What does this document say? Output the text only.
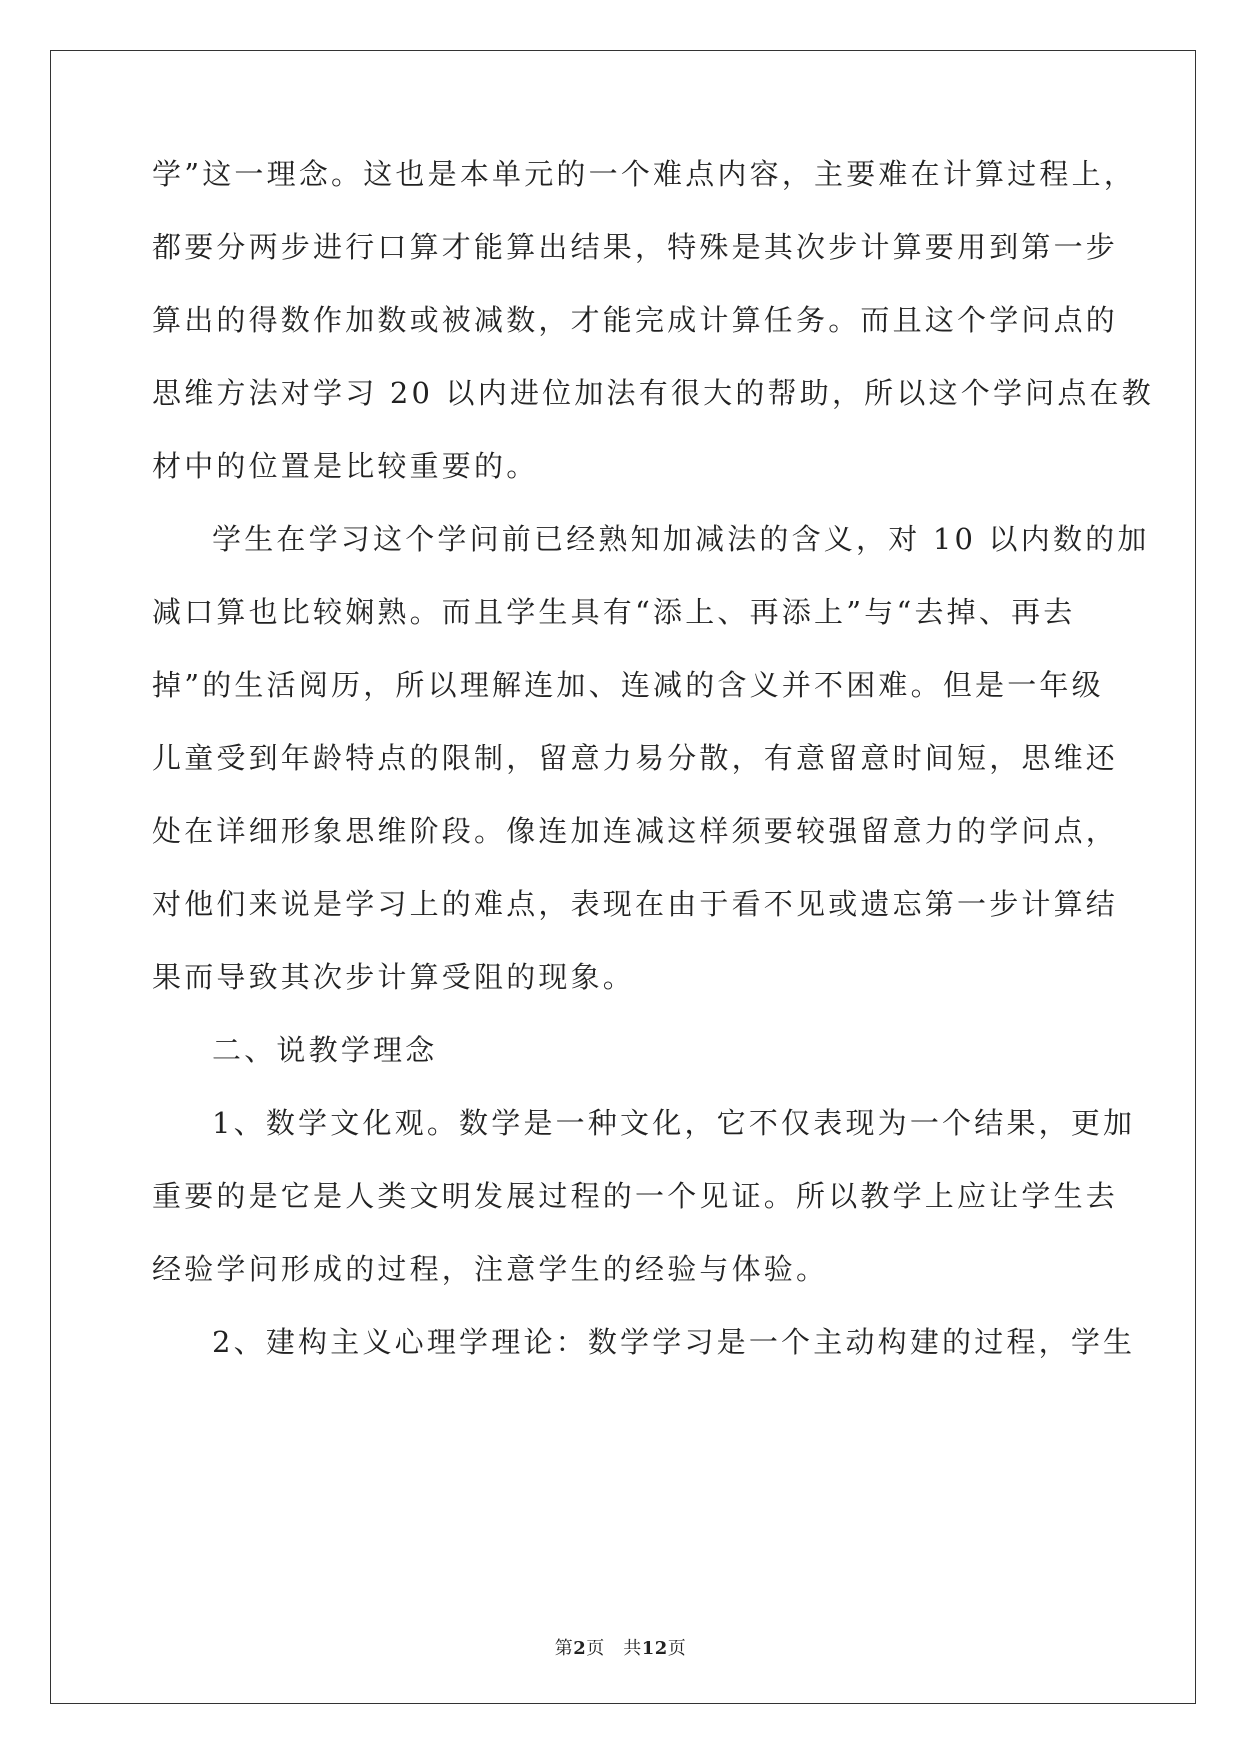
学”这一理念。这也是本单元的一个难点内容，主要难在计算过程上，
都要分两步进行口算才能算出结果，特殊是其次步计算要用到第一步
算出的得数作加数或被减数，才能完成计算任务。而且这个学问点的
思维方法对学习 20 以内进位加法有很大的帮助，所以这个学问点在教
材中的位置是比较重要的。
学生在学习这个学问前已经熟知加减法的含义，对 10 以内数的加
减口算也比较娴熟。而且学生具有“添上、再添上”与“去掉、再去
掉”的生活阅历，所以理解连加、连减的含义并不困难。但是一年级
儿童受到年龄特点的限制，留意力易分散，有意留意时间短，思维还
处在详细形象思维阶段。像连加连减这样须要较强留意力的学问点，
对他们来说是学习上的难点，表现在由于看不见或遗忘第一步计算结
果而导致其次步计算受阻的现象。
二、说教学理念
1、数学文化观。数学是一种文化，它不仅表现为一个结果，更加
重要的是它是人类文明发展过程的一个见证。所以教学上应让学生去
经验学问形成的过程，注意学生的经验与体验。
2、建构主义心理学理论：数学学习是一个主动构建的过程，学生
第2页　共12页
